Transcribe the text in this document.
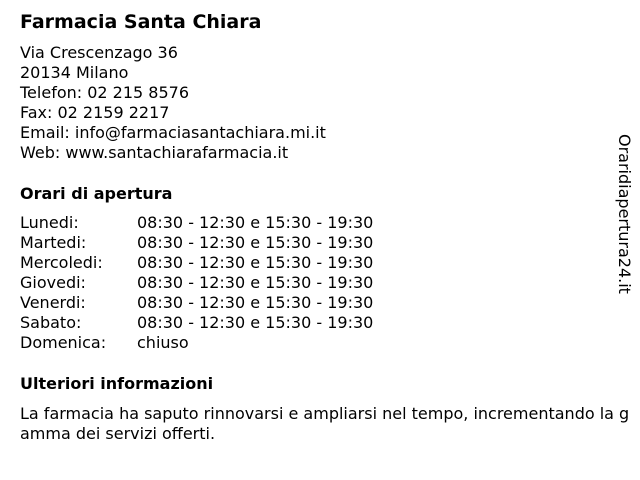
Farmacia Santa Chiara
Via Crescenzago 36
20134 Milano
Telefon: 02 215 8576
Fax: 02 2159 2217
Email: info@farmaciasantachiara.mi.it
Web: www.santachiarafarmacia.it
Orari di apertura
Lunedi:	08:30 - 12:30 e 15:30 - 19:30
Martedi:	08:30 - 12:30 e 15:30 - 19:30
Mercoledi: 08:30 - 12:30 e 15:30 - 19:30
Giovedi:	08:30 - 12:30 e 15:30 - 19:30
Venerdi:	08:30 - 12:30 e 15:30 - 19:30
Sabato:	08:30 - 12:30 e 15:30 - 19:30
Domenica: chiuso
Ulteriori informazioni
La farmacia ha saputo rinnovarsi e ampliarsi nel tempo, incrementando la gamma dei servizi offerti.
Oraridiapertura24.it
